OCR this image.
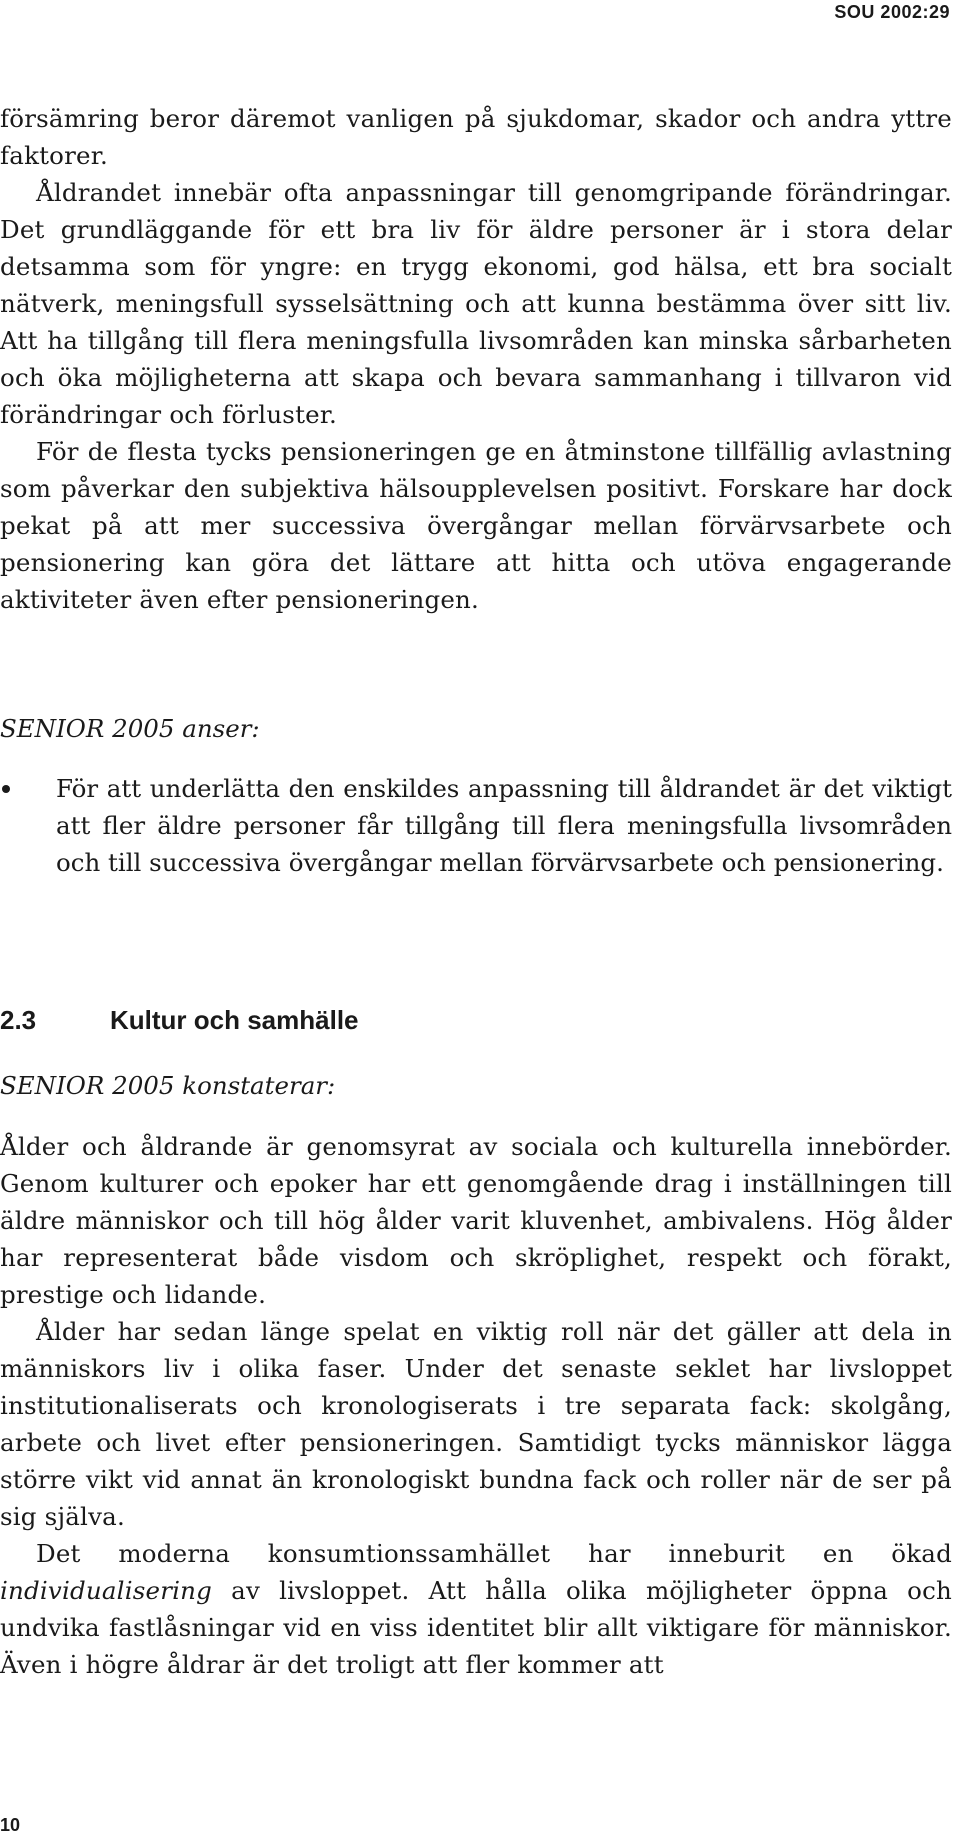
SOU 2002:29

försämring beror däremot vanligen på sjukdomar, skador och andra yttre faktorer.

Åldrandet innebär ofta anpassningar till genomgripande förändringar. Det grundläggande för ett bra liv för äldre personer är i stora delar detsamma som för yngre: en trygg ekonomi, god hälsa, ett bra socialt nätverk, meningsfull sysselsättning och att kunna bestämma över sitt liv. Att ha tillgång till flera meningsfulla livsområden kan minska sårbarheten och öka möjligheterna att skapa och bevara sammanhang i tillvaron vid förändringar och förluster.

För de flesta tycks pensioneringen ge en åtminstone tillfällig avlastning som påverkar den subjektiva hälsoupplevelsen positivt. Forskare har dock pekat på att mer successiva övergångar mellan förvärvsarbete och pensionering kan göra det lättare att hitta och utöva engagerande aktiviteter även efter pensioneringen.

SENIOR 2005 anser:
För att underlätta den enskildes anpassning till åldrandet är det viktigt att fler äldre personer får tillgång till flera meningsfulla livsområden och till successiva övergångar mellan förvärvsarbete och pensionering.
2.3	Kultur och samhälle
SENIOR 2005 konstaterar:

Ålder och åldrande är genomsyrat av sociala och kulturella innebörder. Genom kulturer och epoker har ett genomgående drag i inställningen till äldre människor och till hög ålder varit kluvenhet, ambivalens. Hög ålder har representerat både visdom och skröplighet, respekt och förakt, prestige och lidande.

Ålder har sedan länge spelat en viktig roll när det gäller att dela in människors liv i olika faser. Under det senaste seklet har livsloppet institutionaliserats och kronologiserats i tre separata fack: skolgång, arbete och livet efter pensioneringen. Samtidigt tycks människor lägga större vikt vid annat än kronologiskt bundna fack och roller när de ser på sig själva.

Det moderna konsumtionssamhället har inneburit en ökad individualisering av livsloppet. Att hålla olika möjligheter öppna och undvika fastlåsningar vid en viss identitet blir allt viktigare för människor. Även i högre åldrar är det troligt att fler kommer att

10
